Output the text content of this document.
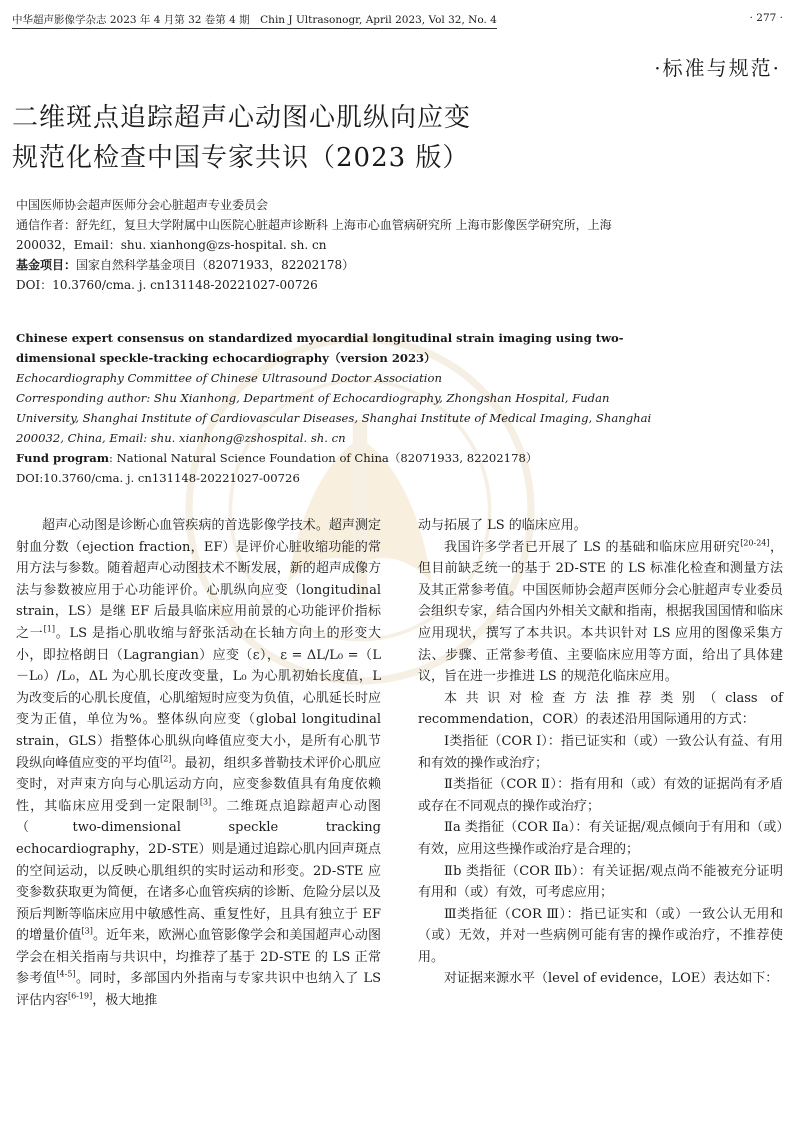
中华超声影像学杂志 2023 年 4 月第 32 卷第 4 期　Chin J Ultrasonogr, April 2023, Vol 32, No. 4	· 277 ·
·标准与规范·
二维斑点追踪超声心动图心肌纵向应变
规范化检查中国专家共识（2023 版）
中国医师协会超声医师分会心脏超声专业委员会
通信作者：舒先红，复旦大学附属中山医院心脏超声诊断科 上海市心血管病研究所 上海市影像医学研究所，上海 200032，Email：shu. xianhong@zs-hospital. sh. cn
基金项目：国家自然科学基金项目（82071933，82202178）
DOI：10.3760/cma. j. cn131148-20221027-00726
Chinese expert consensus on standardized myocardial longitudinal strain imaging using two-dimensional speckle-tracking echocardiography（version 2023）
Echocardiography Committee of Chinese Ultrasound Doctor Association
Corresponding author: Shu Xianhong, Department of Echocardiography, Zhongshan Hospital, Fudan University, Shanghai Institute of Cardiovascular Diseases, Shanghai Institute of Medical Imaging, Shanghai 200032, China, Email: shu. xianhong@zshospital. sh. cn
Fund program: National Natural Science Foundation of China（82071933, 82202178）
DOI:10.3760/cma. j. cn131148-20221027-00726

超声心动图是诊断心血管疾病的首选影像学技术。超声测定射血分数（ejection fraction，EF）是评价心脏收缩功能的常用方法与参数。随着超声心动图技术不断发展，新的超声成像方法与参数被应用于心功能评价。心肌纵向应变（longitudinal strain，LS）是继 EF 后最具临床应用前景的心功能评价指标之一[1]。LS 是指心肌收缩与舒张活动在长轴方向上的形变大小，即拉格朗日（Lagrangian）应变（ε），ε = ΔL/L₀ =（L－L₀）/L₀，ΔL 为心肌长度改变量，L₀ 为心肌初始长度值，L 为改变后的心肌长度值，心肌缩短时应变为负值，心肌延长时应变为正值，单位为%。整体纵向应变（global longitudinal strain，GLS）指整体心肌纵向峰值应变大小，是所有心肌节段纵向峰值应变的平均值[2]。最初，组织多普勒技术评价心肌应变时，对声束方向与心肌运动方向，应变参数值具有角度依赖性，其临床应用受到一定限制[3]。二维斑点追踪超声心动图（two-dimensional speckle tracking echocardiography，2D-STE）则是通过追踪心肌内回声斑点的空间运动，以反映心肌组织的实时运动和形变。2D-STE 应变参数获取更为简便，在诸多心血管疾病的诊断、危险分层以及预后判断等临床应用中敏感性高、重复性好，且具有独立于 EF 的增量价值[3]。近年来，欧洲心血管影像学会和美国超声心动图学会在相关指南与共识中，均推荐了基于 2D-STE 的 LS 正常参考值[4-5]。同时，多部国内外指南与专家共识中也纳入了 LS 评估内容[6-19]，极大地推

动与拓展了 LS 的临床应用。

我国许多学者已开展了 LS 的基础和临床应用研究[20-24]，但目前缺乏统一的基于 2D-STE 的 LS 标准化检查和测量方法及其正常参考值。中国医师协会超声医师分会心脏超声专业委员会组织专家，结合国内外相关文献和指南，根据我国国情和临床应用现状，撰写了本共识。本共识针对 LS 应用的图像采集方法、步骤、正常参考值、主要临床应用等方面，给出了具体建议，旨在进一步推进 LS 的规范化临床应用。

本共识对检查方法推荐类别（class of recommendation，COR）的表述沿用国际通用的方式：

Ⅰ类指征（COR Ⅰ）：指已证实和（或）一致公认有益、有用和有效的操作或治疗；

Ⅱ类指征（COR Ⅱ）：指有用和（或）有效的证据尚有矛盾或存在不同观点的操作或治疗；

Ⅱa 类指征（COR Ⅱa）：有关证据/观点倾向于有用和（或）有效，应用这些操作或治疗是合理的；

Ⅱb 类指征（COR Ⅱb）：有关证据/观点尚不能被充分证明有用和（或）有效，可考虑应用；

Ⅲ类指征（COR Ⅲ）：指已证实和（或）一致公认无用和（或）无效，并对一些病例可能有害的操作或治疗，不推荐使用。

对证据来源水平（level of evidence，LOE）表达如下：
